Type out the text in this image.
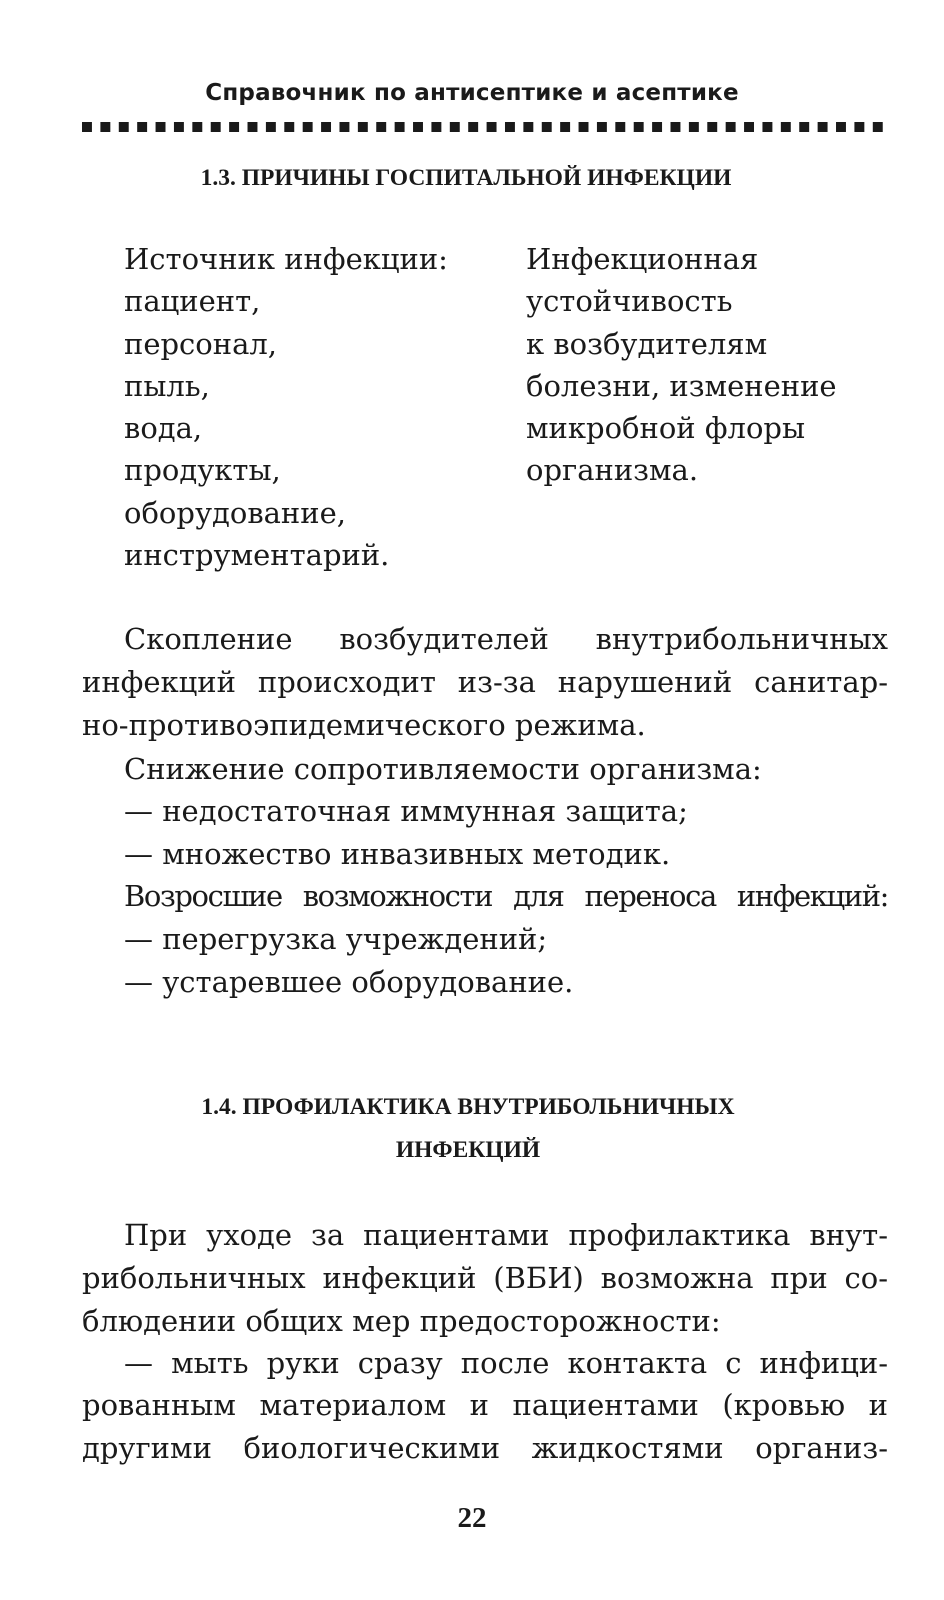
Справочник по антисептике и асептике
1.3. ПРИЧИНЫ ГОСПИТАЛЬНОЙ ИНФЕКЦИИ
Источник инфекции:
пациент,
персонал,
пыль,
вода,
продукты,
оборудование,
инструментарий.
Инфекционная
устойчивость
к возбудителям
болезни, изменение
микробной флоры
организма.
Скопление возбудителей внутрибольничных
инфекций происходит из-за нарушений санитар-
но-противоэпидемического режима.
Снижение сопротивляемости организма:
— недостаточная иммунная защита;
— множество инвазивных методик.
Возросшие возможности для переноса инфекций:
— перегрузка учреждений;
— устаревшее оборудование.
1.4. ПРОФИЛАКТИКА ВНУТРИБОЛЬНИЧНЫХ
ИНФЕКЦИЙ
При уходе за пациентами профилактика внут-
рибольничных инфекций (ВБИ) возможна при со-
блюдении общих мер предосторожности:
— мыть руки сразу после контакта с инфици-
рованным материалом и пациентами (кровью и
другими биологическими жидкостями организ-
22
